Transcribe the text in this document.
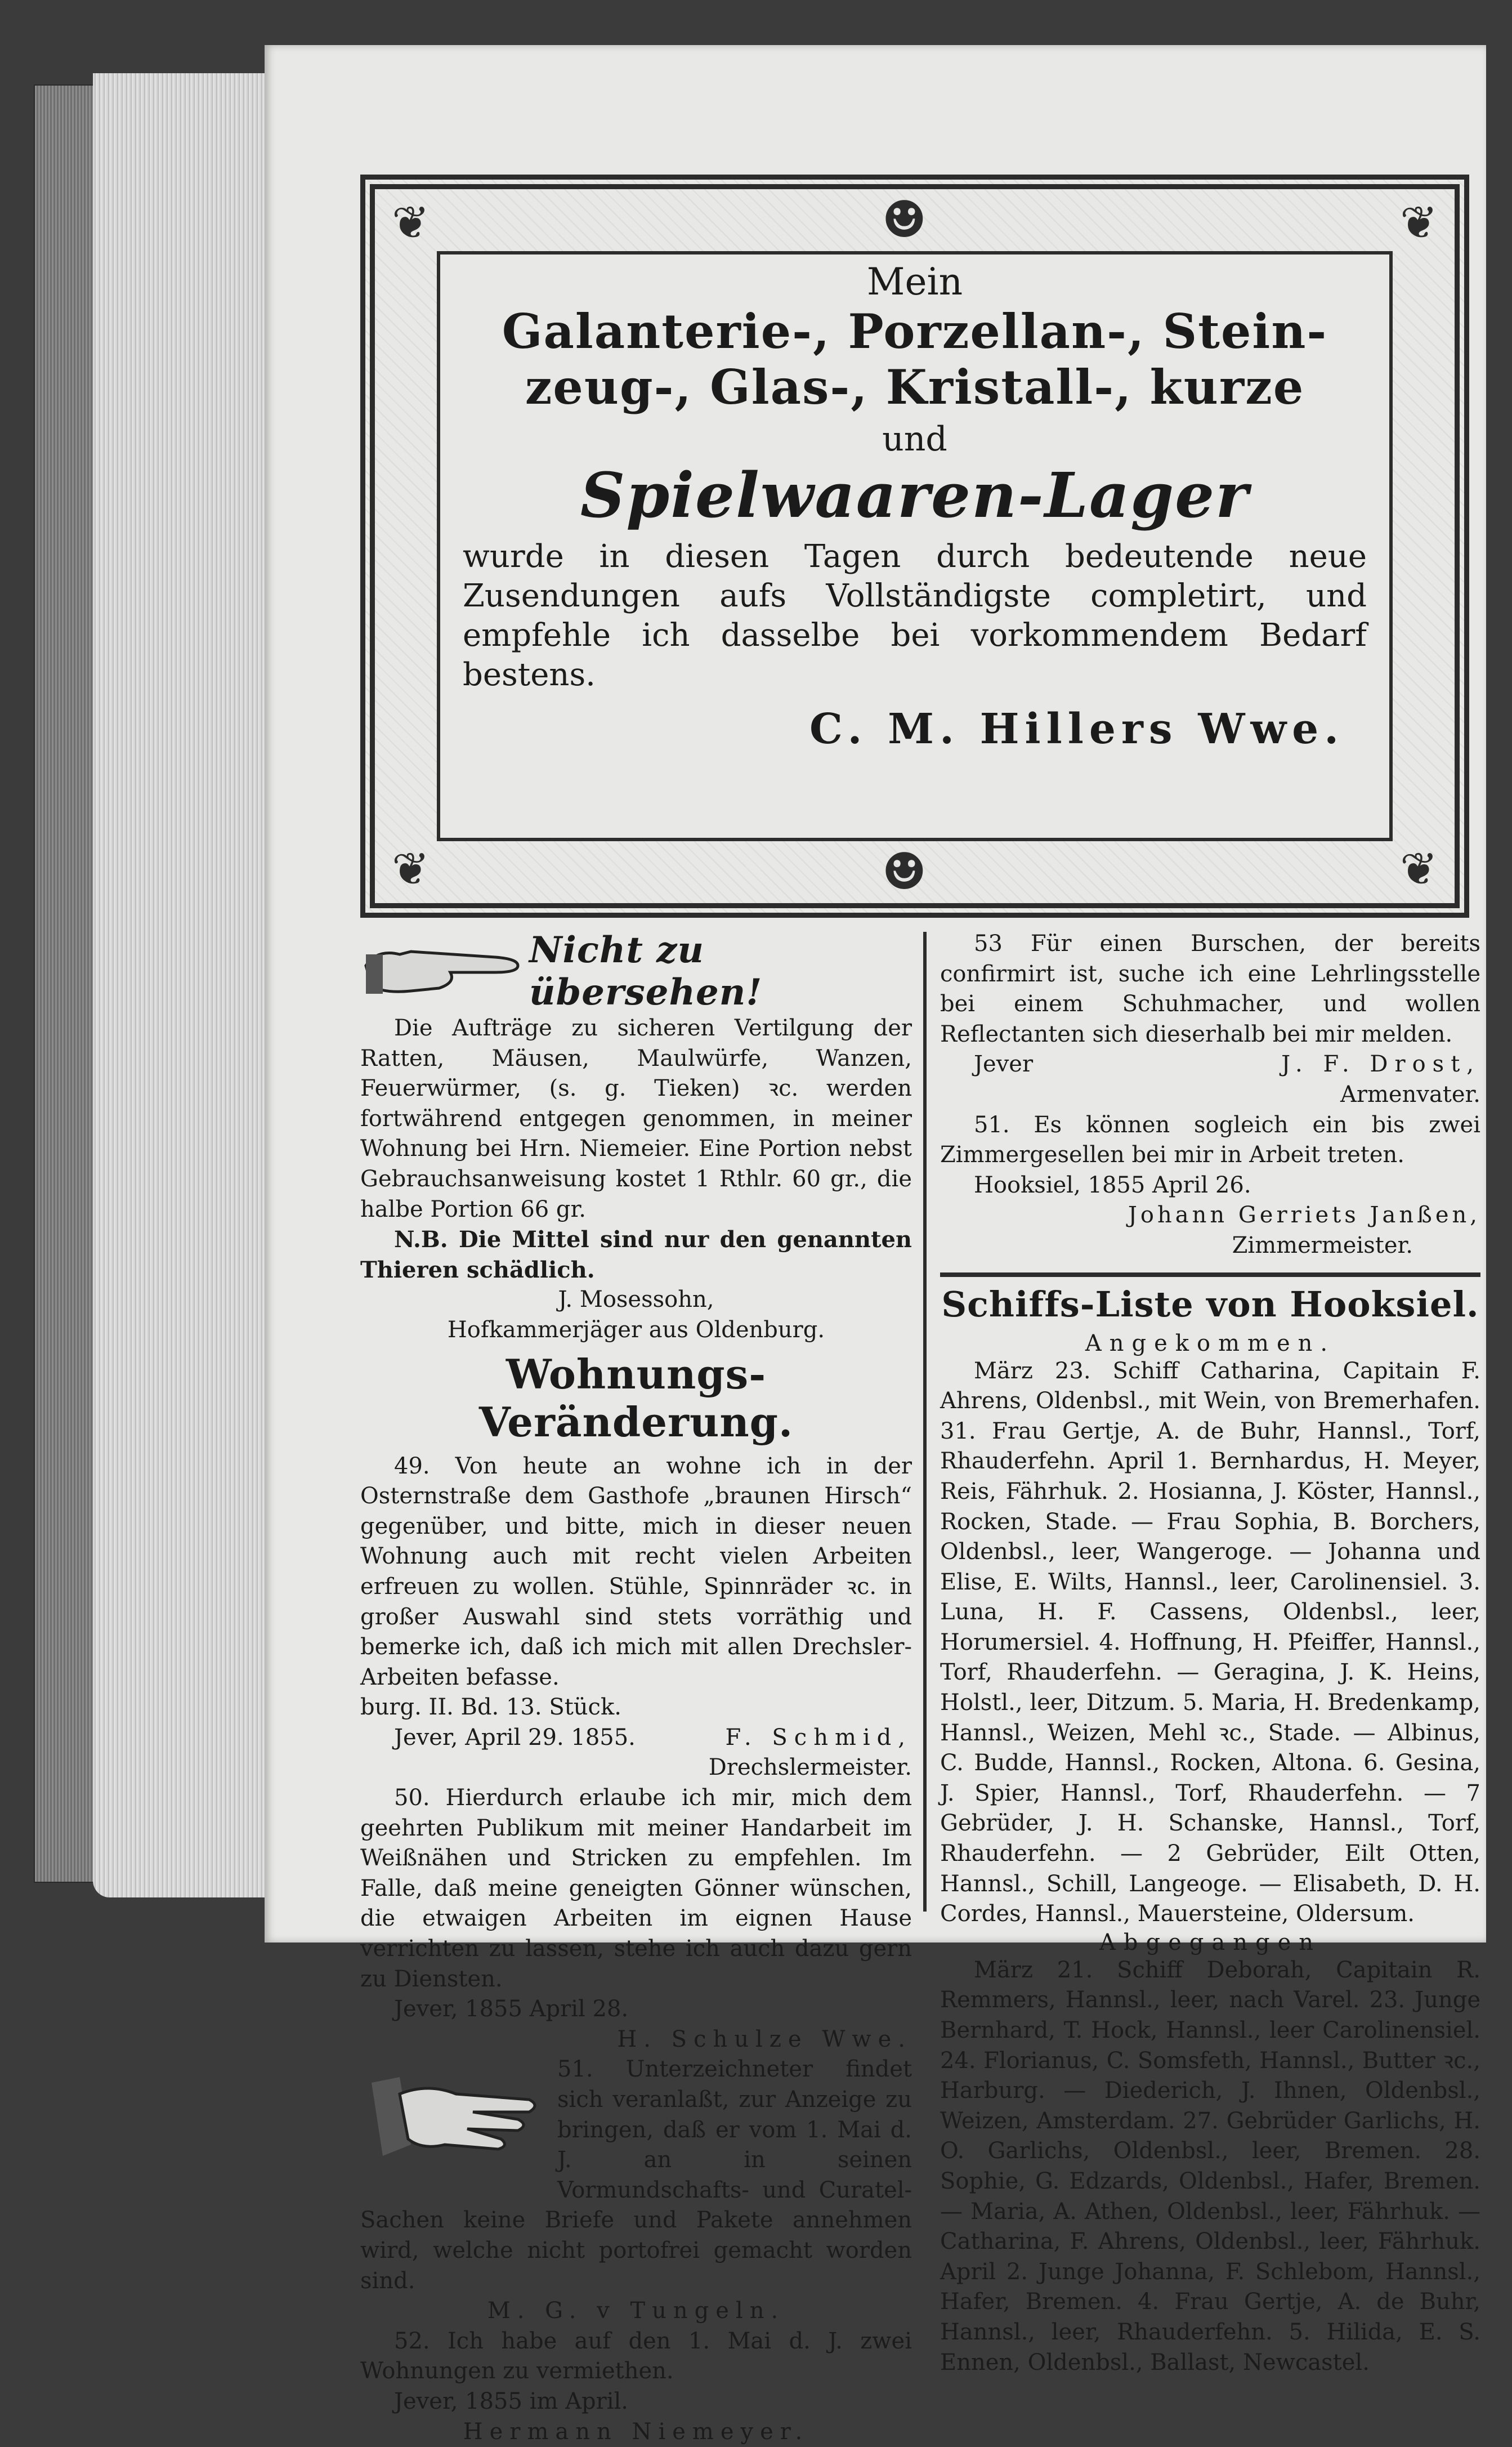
❦	❦
❦	❦
☻
☻
Mein
Galanterie-, Porzellan-, Stein-
zeug-, Glas-, Kristall-, kurze
und
Spielwaaren-Lager
wurde in diesen Tagen durch bedeutende neue Zusendungen aufs Vollständigste completirt, und empfehle ich dasselbe bei vorkommendem Bedarf bestens.
C. M. Hillers Wwe.
Nicht zu übersehen!
Die Aufträge zu sicheren Vertilgung der Ratten, Mäusen, Maulwürfe, Wanzen, Feuerwürmer, (s. g. Tieken) ꝛc. werden fortwährend entgegen genommen, in meiner Wohnung bei Hrn. Niemeier. Eine Portion nebst Gebrauchsanweisung kostet 1 Rthlr. 60 gr., die halbe Portion 66 gr.
N.B. Die Mittel sind nur den genannten Thieren schädlich.
J. Mosessohn,
Hofkammerjäger aus Oldenburg.
Wohnungs-Veränderung.
49. Von heute an wohne ich in der Osternstraße dem Gasthofe „braunen Hirsch“ gegenüber, und bitte, mich in dieser neuen Wohnung auch mit recht vielen Arbeiten erfreuen zu wollen. Stühle, Spinnräder ꝛc. in großer Auswahl sind stets vorräthig und bemerke ich, daß ich mich mit allen Drechsler-Arbeiten befasse.
burg. II. Bd. 13. Stück.
Jever, April 29. 1855.	F. Schmid,
Drechslermeister.
50. Hierdurch erlaube ich mir, mich dem geehrten Publikum mit meiner Handarbeit im Weißnähen und Stricken zu empfehlen. Im Falle, daß meine geneigten Gönner wünschen, die etwaigen Arbeiten im eignen Hause verrichten zu lassen, stehe ich auch dazu gern zu Diensten.
Jever, 1855 April 28.
H. Schulze Wwe.
51. Unterzeichneter findet sich veranlaßt, zur Anzeige zu bringen, daß er vom 1. Mai d. J. an in seinen Vormundschafts- und Curatel-Sachen keine Briefe und Pakete annehmen wird, welche nicht portofrei gemacht worden sind.
M. G. v Tungeln.
52. Ich habe auf den 1. Mai d. J. zwei Wohnungen zu vermiethen.
Jever, 1855 im April.
Hermann Niemeyer.
53 Für einen Burschen, der bereits confirmirt ist, suche ich eine Lehrlingsstelle bei einem Schuhmacher, und wollen Reflectanten sich dieserhalb bei mir melden.
Jever	J. F. Drost,
Armenvater.
51. Es können sogleich ein bis zwei Zimmergesellen bei mir in Arbeit treten.
Hooksiel, 1855 April 26.
Johann Gerriets Janßen,
Zimmermeister.
Schiffs-Liste von Hooksiel.
Angekommen.
März 23. Schiff Catharina, Capitain F. Ahrens, Oldenbsl., mit Wein, von Bremerhafen. 31. Frau Gertje, A. de Buhr, Hannsl., Torf, Rhauderfehn. April 1. Bernhardus, H. Meyer, Reis, Fährhuk. 2. Hosianna, J. Köster, Hannsl., Rocken, Stade. — Frau Sophia, B. Borchers, Oldenbsl., leer, Wangeroge. — Johanna und Elise, E. Wilts, Hannsl., leer, Carolinensiel. 3. Luna, H. F. Cassens, Oldenbsl., leer, Horumersiel. 4. Hoffnung, H. Pfeiffer, Hannsl., Torf, Rhauderfehn. — Geragina, J. K. Heins, Holstl., leer, Ditzum. 5. Maria, H. Bredenkamp, Hannsl., Weizen, Mehl ꝛc., Stade. — Albinus, C. Budde, Hannsl., Rocken, Altona. 6. Gesina, J. Spier, Hannsl., Torf, Rhauderfehn. — 7 Gebrüder, J. H. Schanske, Hannsl., Torf, Rhauderfehn. — 2 Gebrüder, Eilt Otten, Hannsl., Schill, Langeoge. — Elisabeth, D. H. Cordes, Hannsl., Mauersteine, Oldersum.
Abgegangen
März 21. Schiff Deborah, Capitain R. Remmers, Hannsl., leer, nach Varel. 23. Junge Bernhard, T. Hock, Hannsl., leer Carolinensiel. 24. Florianus, C. Somsfeth, Hannsl., Butter ꝛc., Harburg. — Diederich, J. Ihnen, Oldenbsl., Weizen, Amsterdam. 27. Gebrüder Garlichs, H. O. Garlichs, Oldenbsl., leer, Bremen. 28. Sophie, G. Edzards, Oldenbsl., Hafer, Bremen. — Maria, A. Athen, Oldenbsl., leer, Fährhuk. — Catharina, F. Ahrens, Oldenbsl., leer, Fährhuk. April 2. Junge Johanna, F. Schlebom, Hannsl., Hafer, Bremen. 4. Frau Gertje, A. de Buhr, Hannsl., leer, Rhauderfehn. 5. Hilida, E. S. Ennen, Oldenbsl., Ballast, Newcastel.
